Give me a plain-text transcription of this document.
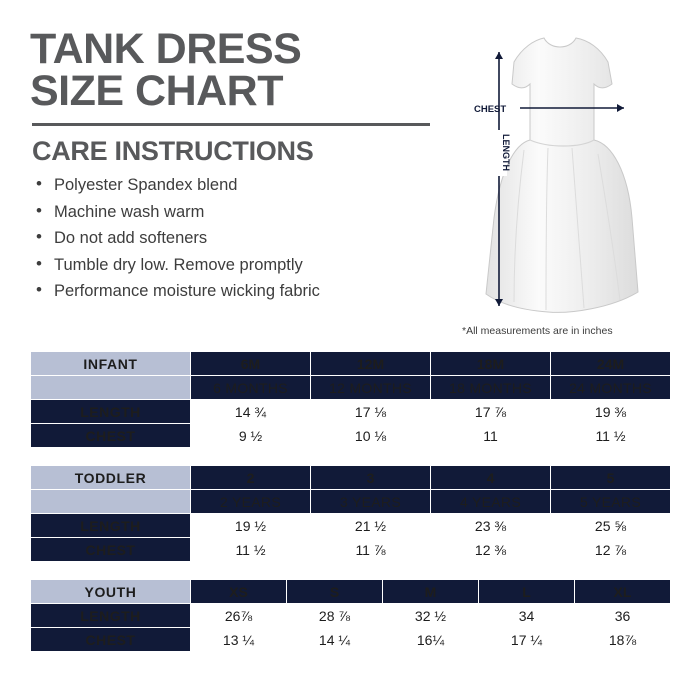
TANK DRESS
SIZE CHART
CARE INSTRUCTIONS
• Polyester Spandex blend
• Machine wash warm
• Do not add softeners
• Tumble dry low. Remove promptly
• Performance moisture wicking fabric
CHEST
LENGTH
*All measurements are in inches
INFANT	6M	12M	18M	24M
	6 MONTHS	12 MONTHS	18 MONTHS	24 MONTHS
LENGTH	14 ¾	17 ⅛	17 ⅞	19 ⅜
CHEST	9 ½	10 ⅛	11	11 ½
TODDLER	2	3	4	5
	2 YEARS	3 YEARS	4 YEARS	5 YEARS
LENGTH	19 ½	21 ½	23 ⅜	25 ⅝
CHEST	11 ½	11 ⅞	12 ⅜	12 ⅞
YOUTH	XS	S	M	L	XL
LENGTH	26⅞	28 ⅞	32 ½	34	36
CHEST	13 ¼	14 ¼	16¼	17 ¼	18⅞
